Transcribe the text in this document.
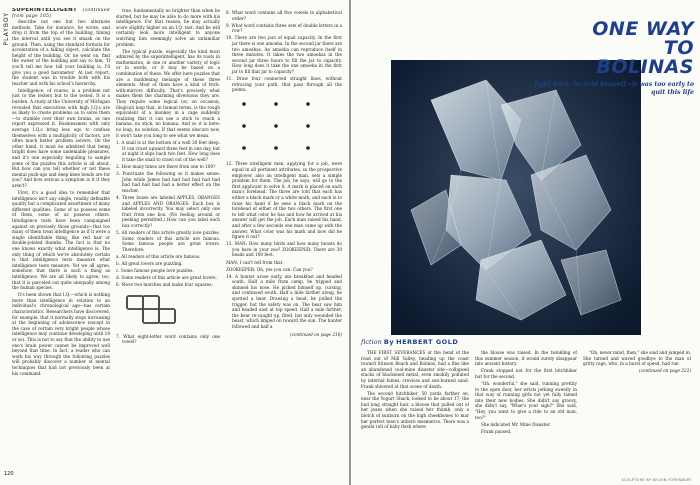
PLAYBOY
120
SUPERINTELLIGENT (continued from page 105)

describe not one but two alternate methods. Take for instance, he wrote, and drop it from the top of the building, timing the interval until you see it smash on the ground. Then, using the standard formula for acceleration of a falling object, calculate the height of the building. Or, he went on, find the owner of the building and say to him, 'If you'll tell me how tall your building is, I'll give you a good barometer.' At last report, the student was in trouble both with his teacher and with his school's hierarchy.

Intelligence, of course, is a problem not just to the testers but to the tested. It is a burden. A study at the University of Michigan revealed that executives with high I.Q.s are as likely to create problems as to solve them—to stumble over their own brains, as one report expressed it. Businessmen with only average I.Q.s bring less ego to confuse themselves with a multiplicity of factors, are often much better problem solvers. On the other hand, it must be admitted that being bright does have some undeniable pleasures, and it's one especially beguiling to sample some of the puzzles this article is all about. But how can you tell whether or not these mental push-ups and deep knee bends are for you? And how serious a symptom is it if they aren't?

First, it's a good idea to remember that intelligence isn't any single, readily definable quality but a complicated assortment of many different qualities. Some of us possess some of them, some of us possess others. Intelligence tests have been campaigned against on precisely those grounds—that too many of them treat intelligence as if it were a single identifiable thing, like red hair or double-jointed thumbs. The fact is that no one knows exactly what intelligence is. The only thing of which we're absolutely certain is that intelligence tests measure what intelligence tests measure. Yet we all agree, somehow, that there is such a thing as intelligence. We are all likely to agree, too, that it is parceled out quite unequally among the human species.

It's been shown that I.Q.—which is nothing more than intelligence in relation to an individual's chronological age—has certain characteristics. Researchers have discovered, for example, that it normally stops increasing at the beginning of adolescence (except in the case of certain very bright people whose intelligence may continue developing until 18 or so). This is not to say that the ability to use one's brain power cannot be improved well beyond that time. In fact, a reader who can work his way through the following puzzles will probably discover a number of mental techniques that had not previously been at his command.

true, fundamentally no brighter than when he started, but he may be able to do more with his intelligence. For that reason, he may actually score slightly higher on an I.Q. test. And he will certainly look more intelligent to anyone watching him seemingly solve an unfamiliar problem.

The typical puzzle, especially the kind most admired by the superintelligent, has its roots in mathematics, in one or another variety of logic or in words, or it may be based on a combination of these. We offer here puzzles that are a maddening melange of these three elements. Most of them have a kind of trick-with-mirrors difficulty. That's precisely what makes them the charming diversions they are. They require some logical (or, on occasion, illogical) leap that, in human terms, is the rough equivalent of a monkey in a cage suddenly realizing that it can use a stick to reach a banana: no stick, no banana. And so it is here: no leap, no solution. If that seems obscure now, it won't take you long to see what we mean.

1. A snail is at the bottom of a well 30 feet deep. It can crawl upward three feet in one day, but at night it slips back two feet. How long does it take the snail to crawl out of the well?
2. How many times are there from one to 100?
3. Punctuate the following so it makes sense: John while James had had had had had had had had had had had a better effect on the teacher.
4. Three boxes are labeled APPLES, ORANGES and APPLES AND ORANGES. Each box is labeled incorrectly. You may select only one fruit from one box. (No feeling around or peeking permitted.) How can you label each box correctly?
5. All readers of this article greatly love puzzles. Some readers of this article are famous. Some famous people are great lovers. Therefore:
a. All readers of this article are famous.
b. All great lovers are puzzling.
c. Some famous people love puzzles.
d. Some readers of this article are great lovers.
6. Move two matches and make four squares:
7. What eight-letter word contains only one vowel?
8. What word contains all five vowels in alphabetical order?
9. What word contains three sets of double letters in a row?
10. There are two jars of equal capacity. In the first jar there is one amoeba. In the second jar there are two amoebas. An amoeba can reproduce itself in three minutes. It takes the two amoebas in the second jar three hours to fill the jar to capacity. How long does it take the one amoeba in the first jar to fill that jar to capacity?
11. Draw four connected straight lines, without retracing your path, that pass through all the points:
12. Three intelligent men, applying for a job, were equal in all pertinent attributes, so the prospective employer, also an intelligent man, sets a simple problem for them. The job, he says, will go to the first applicant to solve it. A mark is placed on each man's forehead. The three are told that each has either a black mark or a white mark, and each is to raise his hand if he sees a black mark on the forehead of either of the two others. The first one to tell what color he has and how he arrived at his answer will get the job. Each man raised his hand, and after a few seconds one man came up with the answer. What color was his mark and how did he figure it out?
13. MAN: How many birds and how many beasts do you have in your zoo? ZOOKEEPER: There are 30 heads and 100 feet.
MAN: I can't tell from that.
ZOOKEEPER: Oh, yes you can. Can you?
14. A hunter arose early, ate breakfast and headed south. Half a mile from camp, he tripped and skinned his nose. He picked himself up, cursing, and continued south. Half a mile farther along, he spotted a bear. Drawing a bead, he pulled the trigger, but the safety was on. The bear saw him and headed east at top speed. Half a mile farther, the bear re-caught up, fired, but only wounded the beast, which limped on toward the sun. The hunter followed and half a
(continued on page 210)
ONE WAY
TO
BOLINAS
fight back, he told himself—it was too early to quit this life
fiction By HERBERT GOLD

THE FIRST SEVERANCES at the bend of the road out of Mill Valley, heading up the coast toward Stinson Beach and Bolinas, had a fine like an abandoned coal-mine disaster site—collapsed stacks of blackened metal, even smokily polluted by internal fumes, crevices and sun-burned sand. Frank shivered at that scene of death.

The second hitchhiker, 50 yards farther on, near the Yogurt Shack, looked to be about 17; the had long straight hair, a blouse that pulled out of her jeans when she raised her thumb, only a blotch of sunburn on the high cheekbones to mar her perfect teen's unborn mesmerics. There was a gentle roll of baby flesh where

the blouse was raised. In the twinkling of this summer season, it would surely disappear into ancient history.

Frank stopped not for the first hitchhiker but for the second.

"Oh, wonderful," she said, running prettily to the open door, her wrists jerking sweetly in that way of running girls not yet fully tamed into their new bodies. She didn't say groovy, she didn't say, "What's your sign?" She said, "Hey, you want to give a ride to an old man, too?"

She indicated Mr. Mine Disaster.

Frank paused.

"Oh, never mind, then," she said and jumped in. She turned and waved goodbye to the man of gritty rage, who, in a burst of speed, had run

(continued on page 222)
SCULPTURE BY KELVIN FORENBURT
